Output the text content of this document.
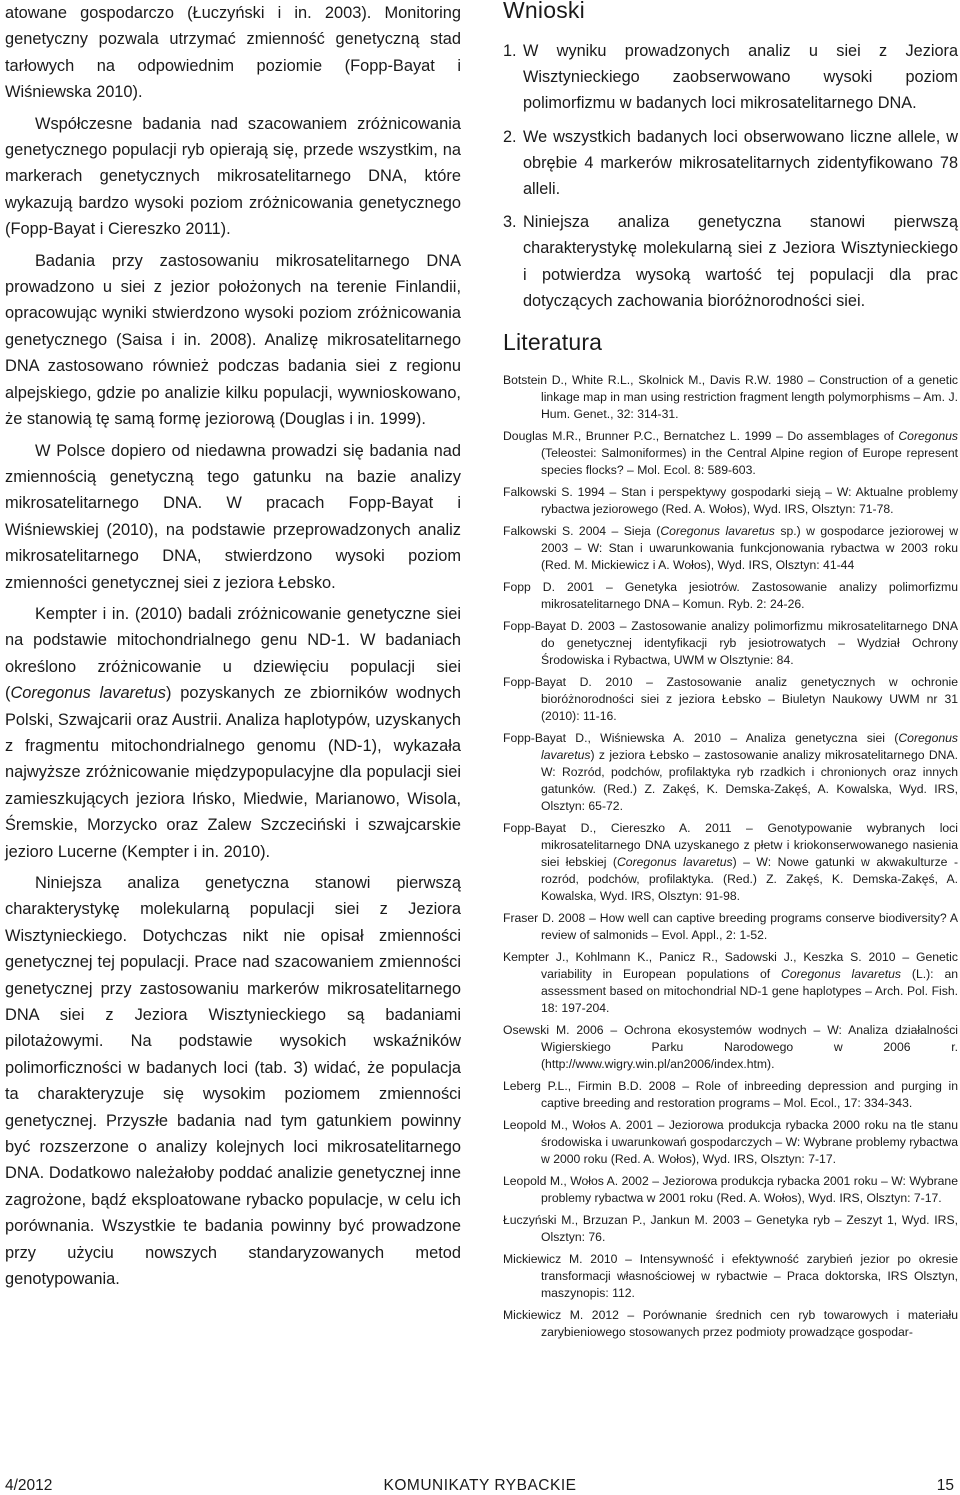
atowane gospodarczo (Łuczyński i in. 2003). Monitoring genetyczny pozwala utrzymać zmienność genetyczną stad tarłowych na odpowiednim poziomie (Fopp-Bayat i Wiśniewska 2010).

Współczesne badania nad szacowaniem zróżnicowania genetycznego populacji ryb opierają się, przede wszystkim, na markerach genetycznych mikrosatelitarnego DNA, które wykazują bardzo wysoki poziom zróżnicowania genetycznego (Fopp-Bayat i Ciereszko 2011).

Badania przy zastosowaniu mikrosatelitarnego DNA prowadzono u siei z jezior położonych na terenie Finlandii, opracowując wyniki stwierdzono wysoki poziom zróżnicowania genetycznego (Saisa i in. 2008). Analizę mikrosatelitarnego DNA zastosowano również podczas badania siei z regionu alpejskiego, gdzie po analizie kilku populacji, wywnioskowano, że stanowią tę samą formę jeziorową (Douglas i in. 1999).

W Polsce dopiero od niedawna prowadzi się badania nad zmiennością genetyczną tego gatunku na bazie analizy mikrosatelitarnego DNA. W pracach Fopp-Bayat i Wiśniewskiej (2010), na podstawie przeprowadzonych analiz mikrosatelitarnego DNA, stwierdzono wysoki poziom zmienności genetycznej siei z jeziora Łebsko.

Kempter i in. (2010) badali zróżnicowanie genetyczne siei na podstawie mitochondrialnego genu ND-1. W badaniach określono zróżnicowanie u dziewięciu populacji siei (Coregonus lavaretus) pozyskanych ze zbiorników wodnych Polski, Szwajcarii oraz Austrii. Analiza haplotypów, uzyskanych z fragmentu mitochondrialnego genomu (ND-1), wykazała najwyższe zróżnicowanie międzypopulacyjne dla populacji siei zamieszkujących jeziora Ińsko, Miedwie, Marianowo, Wisola, Śremskie, Morzycko oraz Zalew Szczeciński i szwajcarskie jezioro Lucerne (Kempter i in. 2010).

Niniejsza analiza genetyczna stanowi pierwszą charakterystykę molekularną populacji siei z Jeziora Wisztynieckiego. Dotychczas nikt nie opisał zmienności genetycznej tej populacji. Prace nad szacowaniem zmienności genetycznej przy zastosowaniu markerów mikrosatelitarnego DNA siei z Jeziora Wisztynieckiego są badaniami pilotażowymi. Na podstawie wysokich wskaźników polimorficzności w badanych loci (tab. 3) widać, że populacja ta charakteryzuje się wysokim poziomem zmienności genetycznej. Przyszłe badania nad tym gatunkiem powinny być rozszerzone o analizy kolejnych loci mikrosatelitarnego DNA. Dodatkowo należałoby poddać analizie genetycznej inne zagrożone, bądź eksploatowane rybacko populacje, w celu ich porównania. Wszystkie te badania powinny być prowadzone przy użyciu nowszych standaryzowanych metod genotypowania.

Wnioski
1. W wyniku prowadzonych analiz u siei z Jeziora Wisztynieckiego zaobserwowano wysoki poziom polimorfizmu w badanych loci mikrosatelitarnego DNA.
2. We wszystkich badanych loci obserwowano liczne allele, w obrębie 4 markerów mikrosatelitarnych zidentyfikowano 78 alleli.
3. Niniejsza analiza genetyczna stanowi pierwszą charakterystykę molekularną siei z Jeziora Wisztynieckiego i potwierdza wysoką wartość tej populacji dla prac dotyczących zachowania bioróżnorodności siei.
Literatura

Botstein D., White R.L., Skolnick M., Davis R.W. 1980 – Construction of a genetic linkage map in man using restriction fragment length polymorphisms – Am. J. Hum. Genet., 32: 314-31.

Douglas M.R., Brunner P.C., Bernatchez L. 1999 – Do assemblages of Coregonus (Teleostei: Salmoniformes) in the Central Alpine region of Europe represent species flocks? – Mol. Ecol. 8: 589-603.

Falkowski S. 1994 – Stan i perspektywy gospodarki sieją – W: Aktualne problemy rybactwa jeziorowego (Red. A. Wołos), Wyd. IRS, Olsztyn: 71-78.

Falkowski S. 2004 – Sieja (Coregonus lavaretus sp.) w gospodarce jeziorowej w 2003 – W: Stan i uwarunkowania funkcjonowania rybactwa w 2003 roku (Red. M. Mickiewicz i A. Wołos), Wyd. IRS, Olsztyn: 41-44

Fopp D. 2001 – Genetyka jesiotrów. Zastosowanie analizy polimorfizmu mikrosatelitarnego DNA – Komun. Ryb. 2: 24-26.

Fopp-Bayat D. 2003 – Zastosowanie analizy polimorfizmu mikrosatelitarnego DNA do genetycznej identyfikacji ryb jesiotrowatych – Wydział Ochrony Środowiska i Rybactwa, UWM w Olsztynie: 84.

Fopp-Bayat D. 2010 – Zastosowanie analiz genetycznych w ochronie bioróżnorodności siei z jeziora Łebsko – Biuletyn Naukowy UWM nr 31 (2010): 11-16.

Fopp-Bayat D., Wiśniewska A. 2010 – Analiza genetyczna siei (Coregonus lavaretus) z jeziora Łebsko – zastosowanie analizy mikrosatelitarnego DNA. W: Rozród, podchów, profilaktyka ryb rzadkich i chronionych oraz innych gatunków. (Red.) Z. Zakęś, K. Demska-Zakęś, A. Kowalska, Wyd. IRS, Olsztyn: 65-72.

Fopp-Bayat D., Ciereszko A. 2011 – Genotypowanie wybranych loci mikrosatelitarnego DNA uzyskanego z płetw i kriokonserwowanego nasienia siei łebskiej (Coregonus lavaretus) – W: Nowe gatunki w akwakulturze - rozród, podchów, profilaktyka. (Red.) Z. Zakęś, K. Demska-Zakęś, A. Kowalska, Wyd. IRS, Olsztyn: 91-98.

Fraser D. 2008 – How well can captive breeding programs conserve biodiversity? A review of salmonids – Evol. Appl., 2: 1-52.

Kempter J., Kohlmann K., Panicz R., Sadowski J., Keszka S. 2010 – Genetic variability in European populations of Coregonus lavaretus (L.): an assessment based on mitochondrial ND-1 gene haplotypes – Arch. Pol. Fish. 18: 197-204.

Osewski M. 2006 – Ochrona ekosystemów wodnych – W: Analiza działalności Wigierskiego Parku Narodowego w 2006 r. (http://www.wigry.win.pl/an2006/index.htm).

Leberg P.L., Firmin B.D. 2008 – Role of inbreeding depression and purging in captive breeding and restoration programs – Mol. Ecol., 17: 334-343.

Leopold M., Wołos A. 2001 – Jeziorowa produkcja rybacka 2000 roku na tle stanu środowiska i uwarunkowań gospodarczych – W: Wybrane problemy rybactwa w 2000 roku (Red. A. Wołos), Wyd. IRS, Olsztyn: 7-17.

Leopold M., Wołos A. 2002 – Jeziorowa produkcja rybacka 2001 roku – W: Wybrane problemy rybactwa w 2001 roku (Red. A. Wołos), Wyd. IRS, Olsztyn: 7-17.

Łuczyński M., Brzuzan P., Jankun M. 2003 – Genetyka ryb – Zeszyt 1, Wyd. IRS, Olsztyn: 76.

Mickiewicz M. 2010 – Intensywność i efektywność zarybień jezior po okresie transformacji własnościowej w rybactwie – Praca doktorska, IRS Olsztyn, maszynopis: 112.

Mickiewicz M. 2012 – Porównanie średnich cen ryb towarowych i materiału zarybieniowego stosowanych przez podmioty prowadzące gospodar-

4/2012	KOMUNIKATY RYBACKIE	15
